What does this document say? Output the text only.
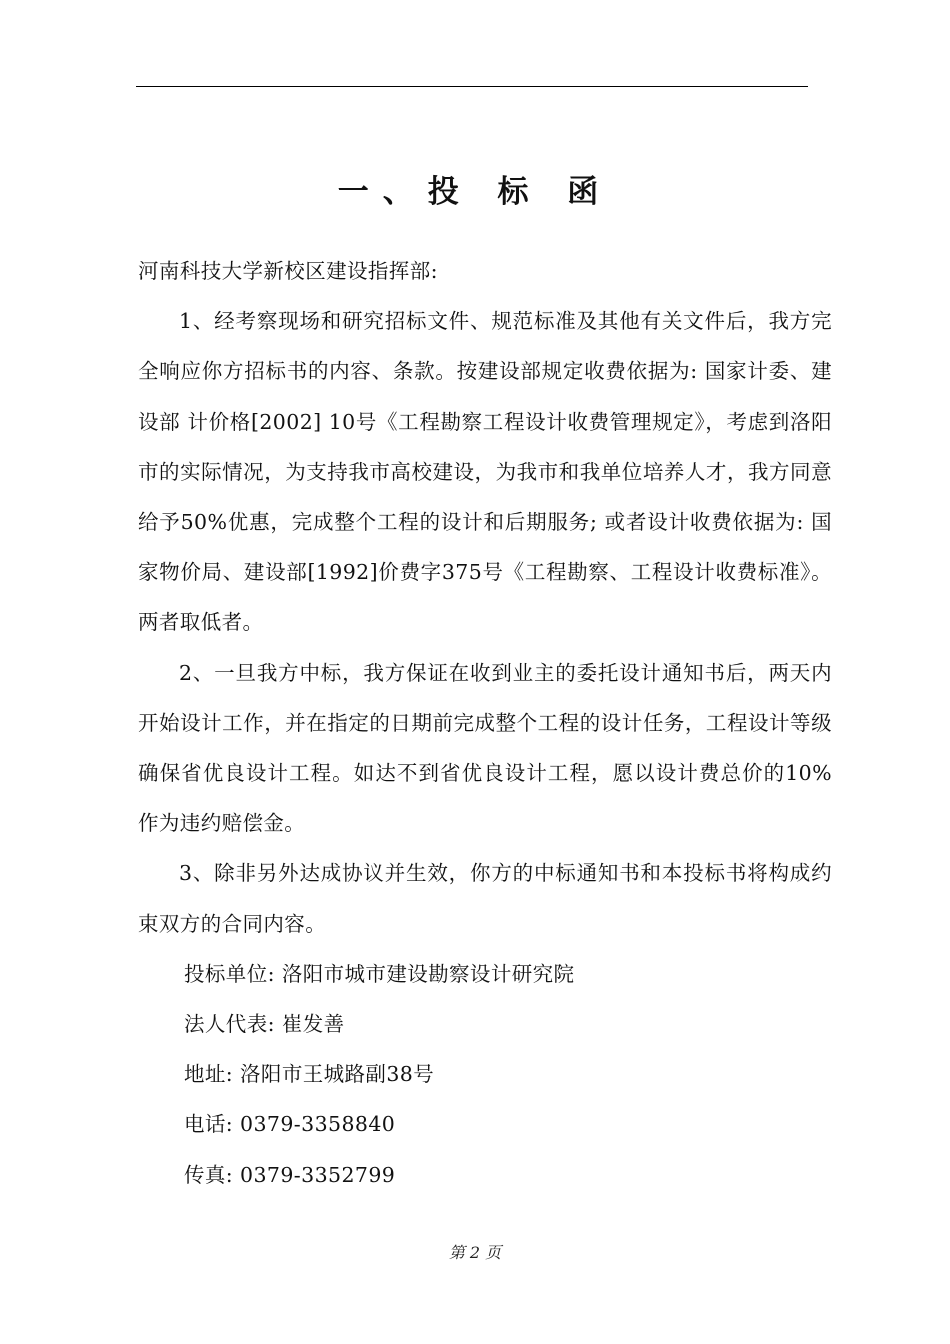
一、投 标 函

河南科技大学新校区建设指挥部:

1、经考察现场和研究招标文件、规范标准及其他有关文件后，我方完全响应你方招标书的内容、条款。按建设部规定收费依据为: 国家计委、建设部 计价格[2002] 10号《工程勘察工程设计收费管理规定》，考虑到洛阳市的实际情况，为支持我市高校建设，为我市和我单位培养人才，我方同意给予50%优惠，完成整个工程的设计和后期服务; 或者设计收费依据为: 国家物价局、建设部[1992]价费字375号《工程勘察、工程设计收费标准》。两者取低者。

2、一旦我方中标，我方保证在收到业主的委托设计通知书后，两天内开始设计工作，并在指定的日期前完成整个工程的设计任务，工程设计等级确保省优良设计工程。如达不到省优良设计工程，愿以设计费总价的10%作为违约赔偿金。

3、除非另外达成协议并生效，你方的中标通知书和本投标书将构成约束双方的合同内容。

投标单位: 洛阳市城市建设勘察设计研究院

法人代表: 崔发善

地址: 洛阳市王城路副38号

电话: 0379-3358840

传真: 0379-3352799

第 2 页
